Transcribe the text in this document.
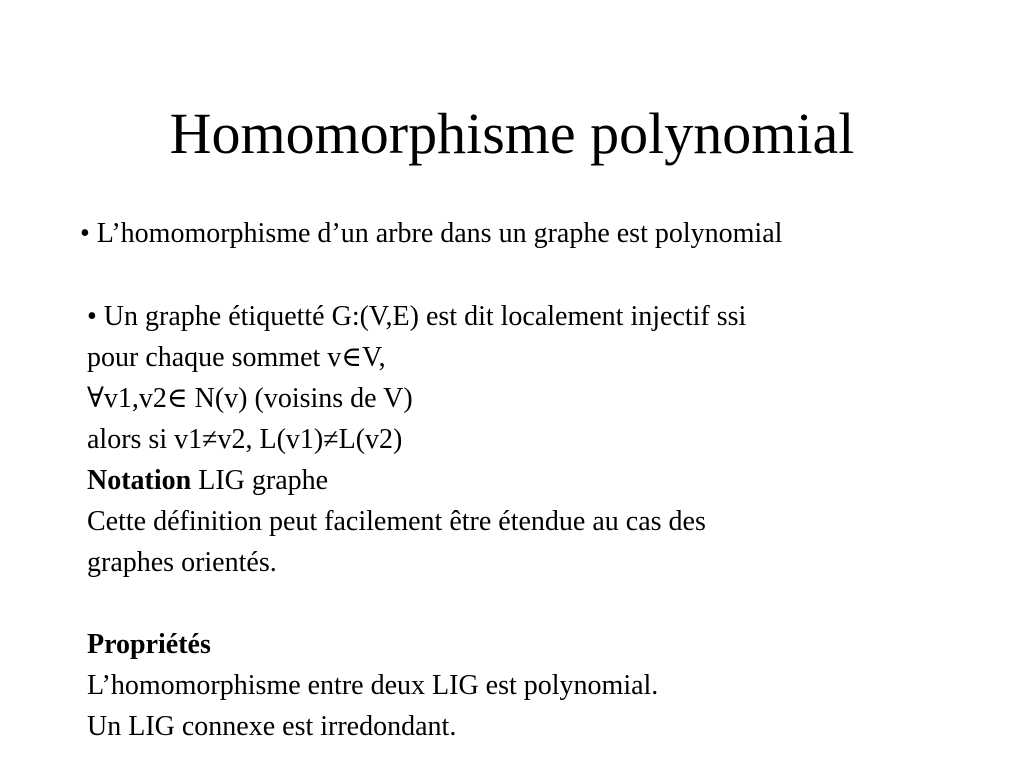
Homomorphisme polynomial
• L’homomorphisme d’un arbre dans un graphe est polynomial
• Un graphe étiquetté G:(V,E) est dit localement injectif ssi
pour chaque sommet v∈V,
∀v1,v2∈ N(v) (voisins de V)
alors si v1≠v2, L(v1)≠L(v2)
Notation LIG graphe
Cette définition peut facilement être étendue au cas des
graphes orientés.
Propriétés
L’homomorphisme entre deux LIG est polynomial.
Un LIG connexe est irredondant.
